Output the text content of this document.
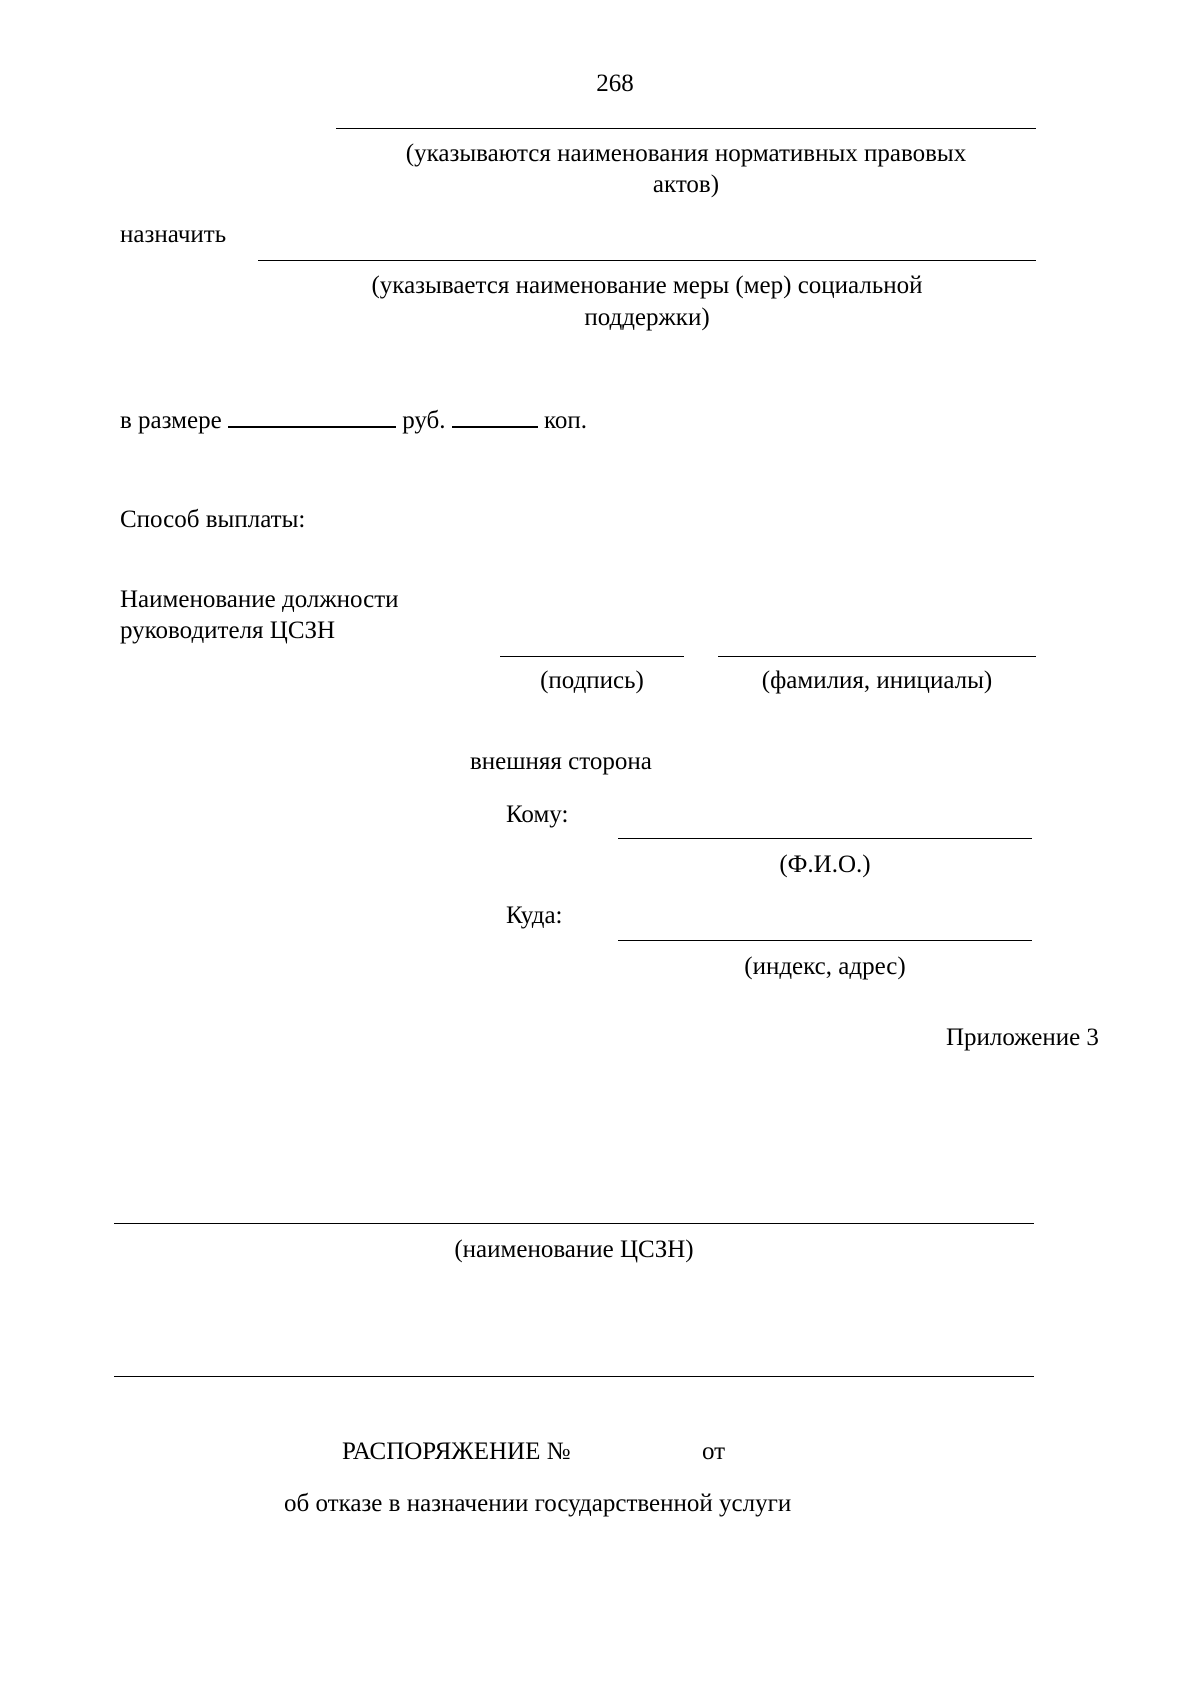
268
(указываются наименования нормативных правовых
актов)
назначить
(указывается наименование меры (мер) социальной
поддержки)
в размере	руб.	коп.
Способ выплаты:
Наименование должности
руководителя ЦСЗН
(подпись)	(фамилия, инициалы)
внешняя сторона
Кому:
(Ф.И.О.)
Куда:
(индекс, адрес)
Приложение 3
(наименование ЦСЗН)
РАСПОРЯЖЕНИЕ №	от
об отказе в назначении государственной услуги
